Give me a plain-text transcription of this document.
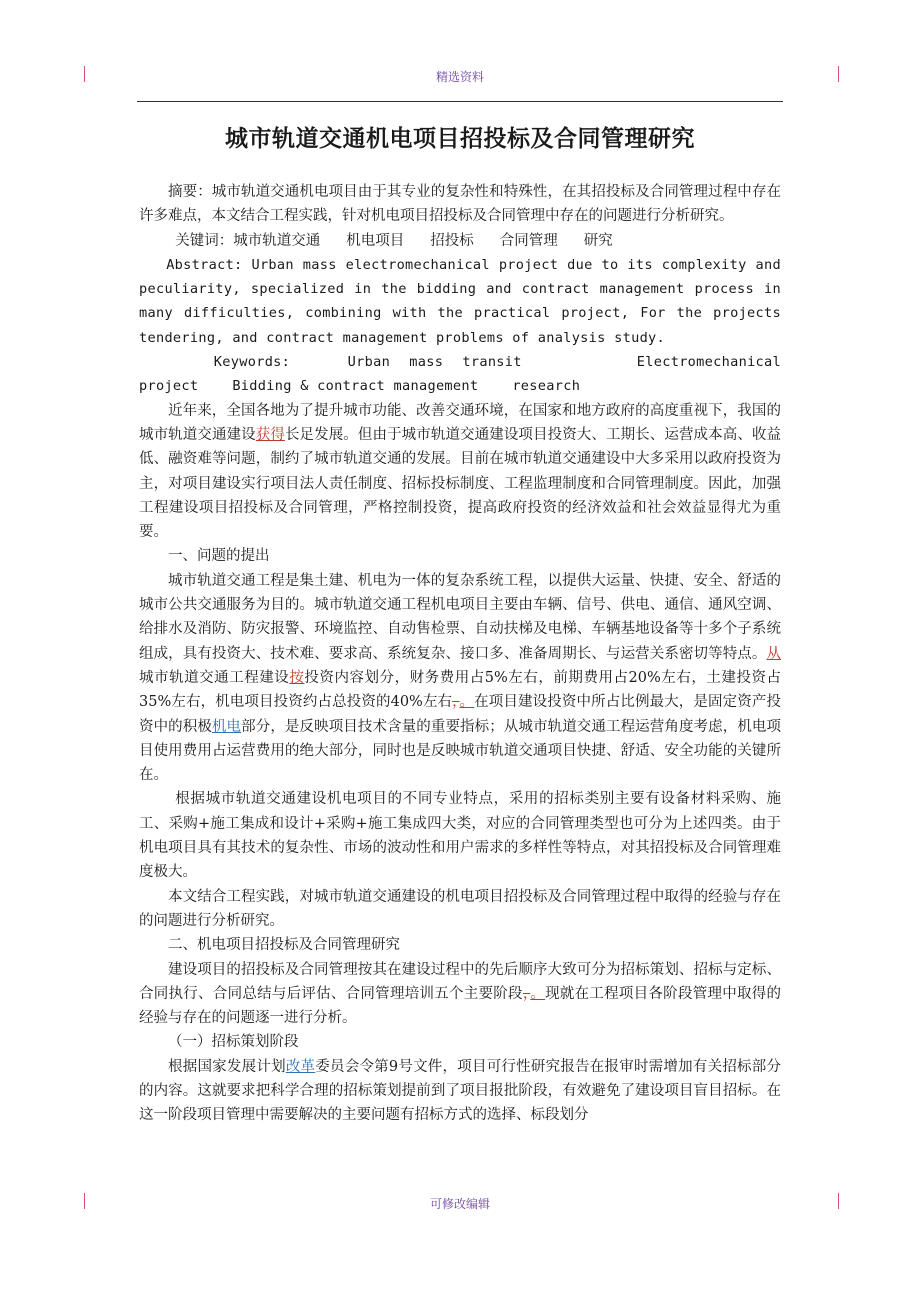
精选资料
城市轨道交通机电项目招投标及合同管理研究

摘要：城市轨道交通机电项目由于其专业的复杂性和特殊性，在其招投标及合同管理过程中存在许多难点，本文结合工程实践，针对机电项目招投标及合同管理中存在的问题进行分析研究。

关键词：城市轨道交通 机电项目 招投标 合同管理 研究

Abstract: Urban mass electromechanical project due to its complexity and peculiarity, specialized in the bidding and contract management process in many difficulties, combining with the practical project, For the projects tendering, and contract management problems of analysis study.

Keywords:	Urban mass transit	Electromechanical project Bidding & contract management research

近年来，全国各地为了提升城市功能、改善交通环境，在国家和地方政府的高度重视下，我国的城市轨道交通建设获得长足发展。但由于城市轨道交通建设项目投资大、工期长、运营成本高、收益低、融资难等问题，制约了城市轨道交通的发展。目前在城市轨道交通建设中大多采用以政府投资为主，对项目建设实行项目法人责任制度、招标投标制度、工程监理制度和合同管理制度。因此，加强工程建设项目招投标及合同管理，严格控制投资，提高政府投资的经济效益和社会效益显得尤为重要。

一、问题的提出

城市轨道交通工程是集土建、机电为一体的复杂系统工程，以提供大运量、快捷、安全、舒适的城市公共交通服务为目的。城市轨道交通工程机电项目主要由车辆、信号、供电、通信、通风空调、给排水及消防、防灾报警、环境监控、自动售检票、自动扶梯及电梯、车辆基地设备等十多个子系统组成，具有投资大、技术难、要求高、系统复杂、接口多、准备周期长、与运营关系密切等特点。从城市轨道交通工程建设按投资内容划分，财务费用占5%左右，前期费用占20%左右，土建投资占35%左右，机电项目投资约占总投资的40%左右，。在项目建设投资中所占比例最大，是固定资产投资中的积极机电部分，是反映项目技术含量的重要指标；从城市轨道交通工程运营角度考虑，机电项目使用费用占运营费用的绝大部分，同时也是反映城市轨道交通项目快捷、舒适、安全功能的关键所在。

根据城市轨道交通建设机电项目的不同专业特点，采用的招标类别主要有设备材料采购、施工、采购+施工集成和设计+采购+施工集成四大类，对应的合同管理类型也可分为上述四类。由于机电项目具有其技术的复杂性、市场的波动性和用户需求的多样性等特点，对其招投标及合同管理难度极大。

本文结合工程实践，对城市轨道交通建设的机电项目招投标及合同管理过程中取得的经验与存在的问题进行分析研究。

二、机电项目招投标及合同管理研究

建设项目的招投标及合同管理按其在建设过程中的先后顺序大致可分为招标策划、招标与定标、合同执行、合同总结与后评估、合同管理培训五个主要阶段，。现就在工程项目各阶段管理中取得的经验与存在的问题逐一进行分析。

（一）招标策划阶段

根据国家发展计划改革委员会令第9号文件，项目可行性研究报告在报审时需增加有关招标部分的内容。这就要求把科学合理的招标策划提前到了项目报批阶段，有效避免了建设项目盲目招标。在这一阶段项目管理中需要解决的主要问题有招标方式的选择、标段划分

可修改编辑
